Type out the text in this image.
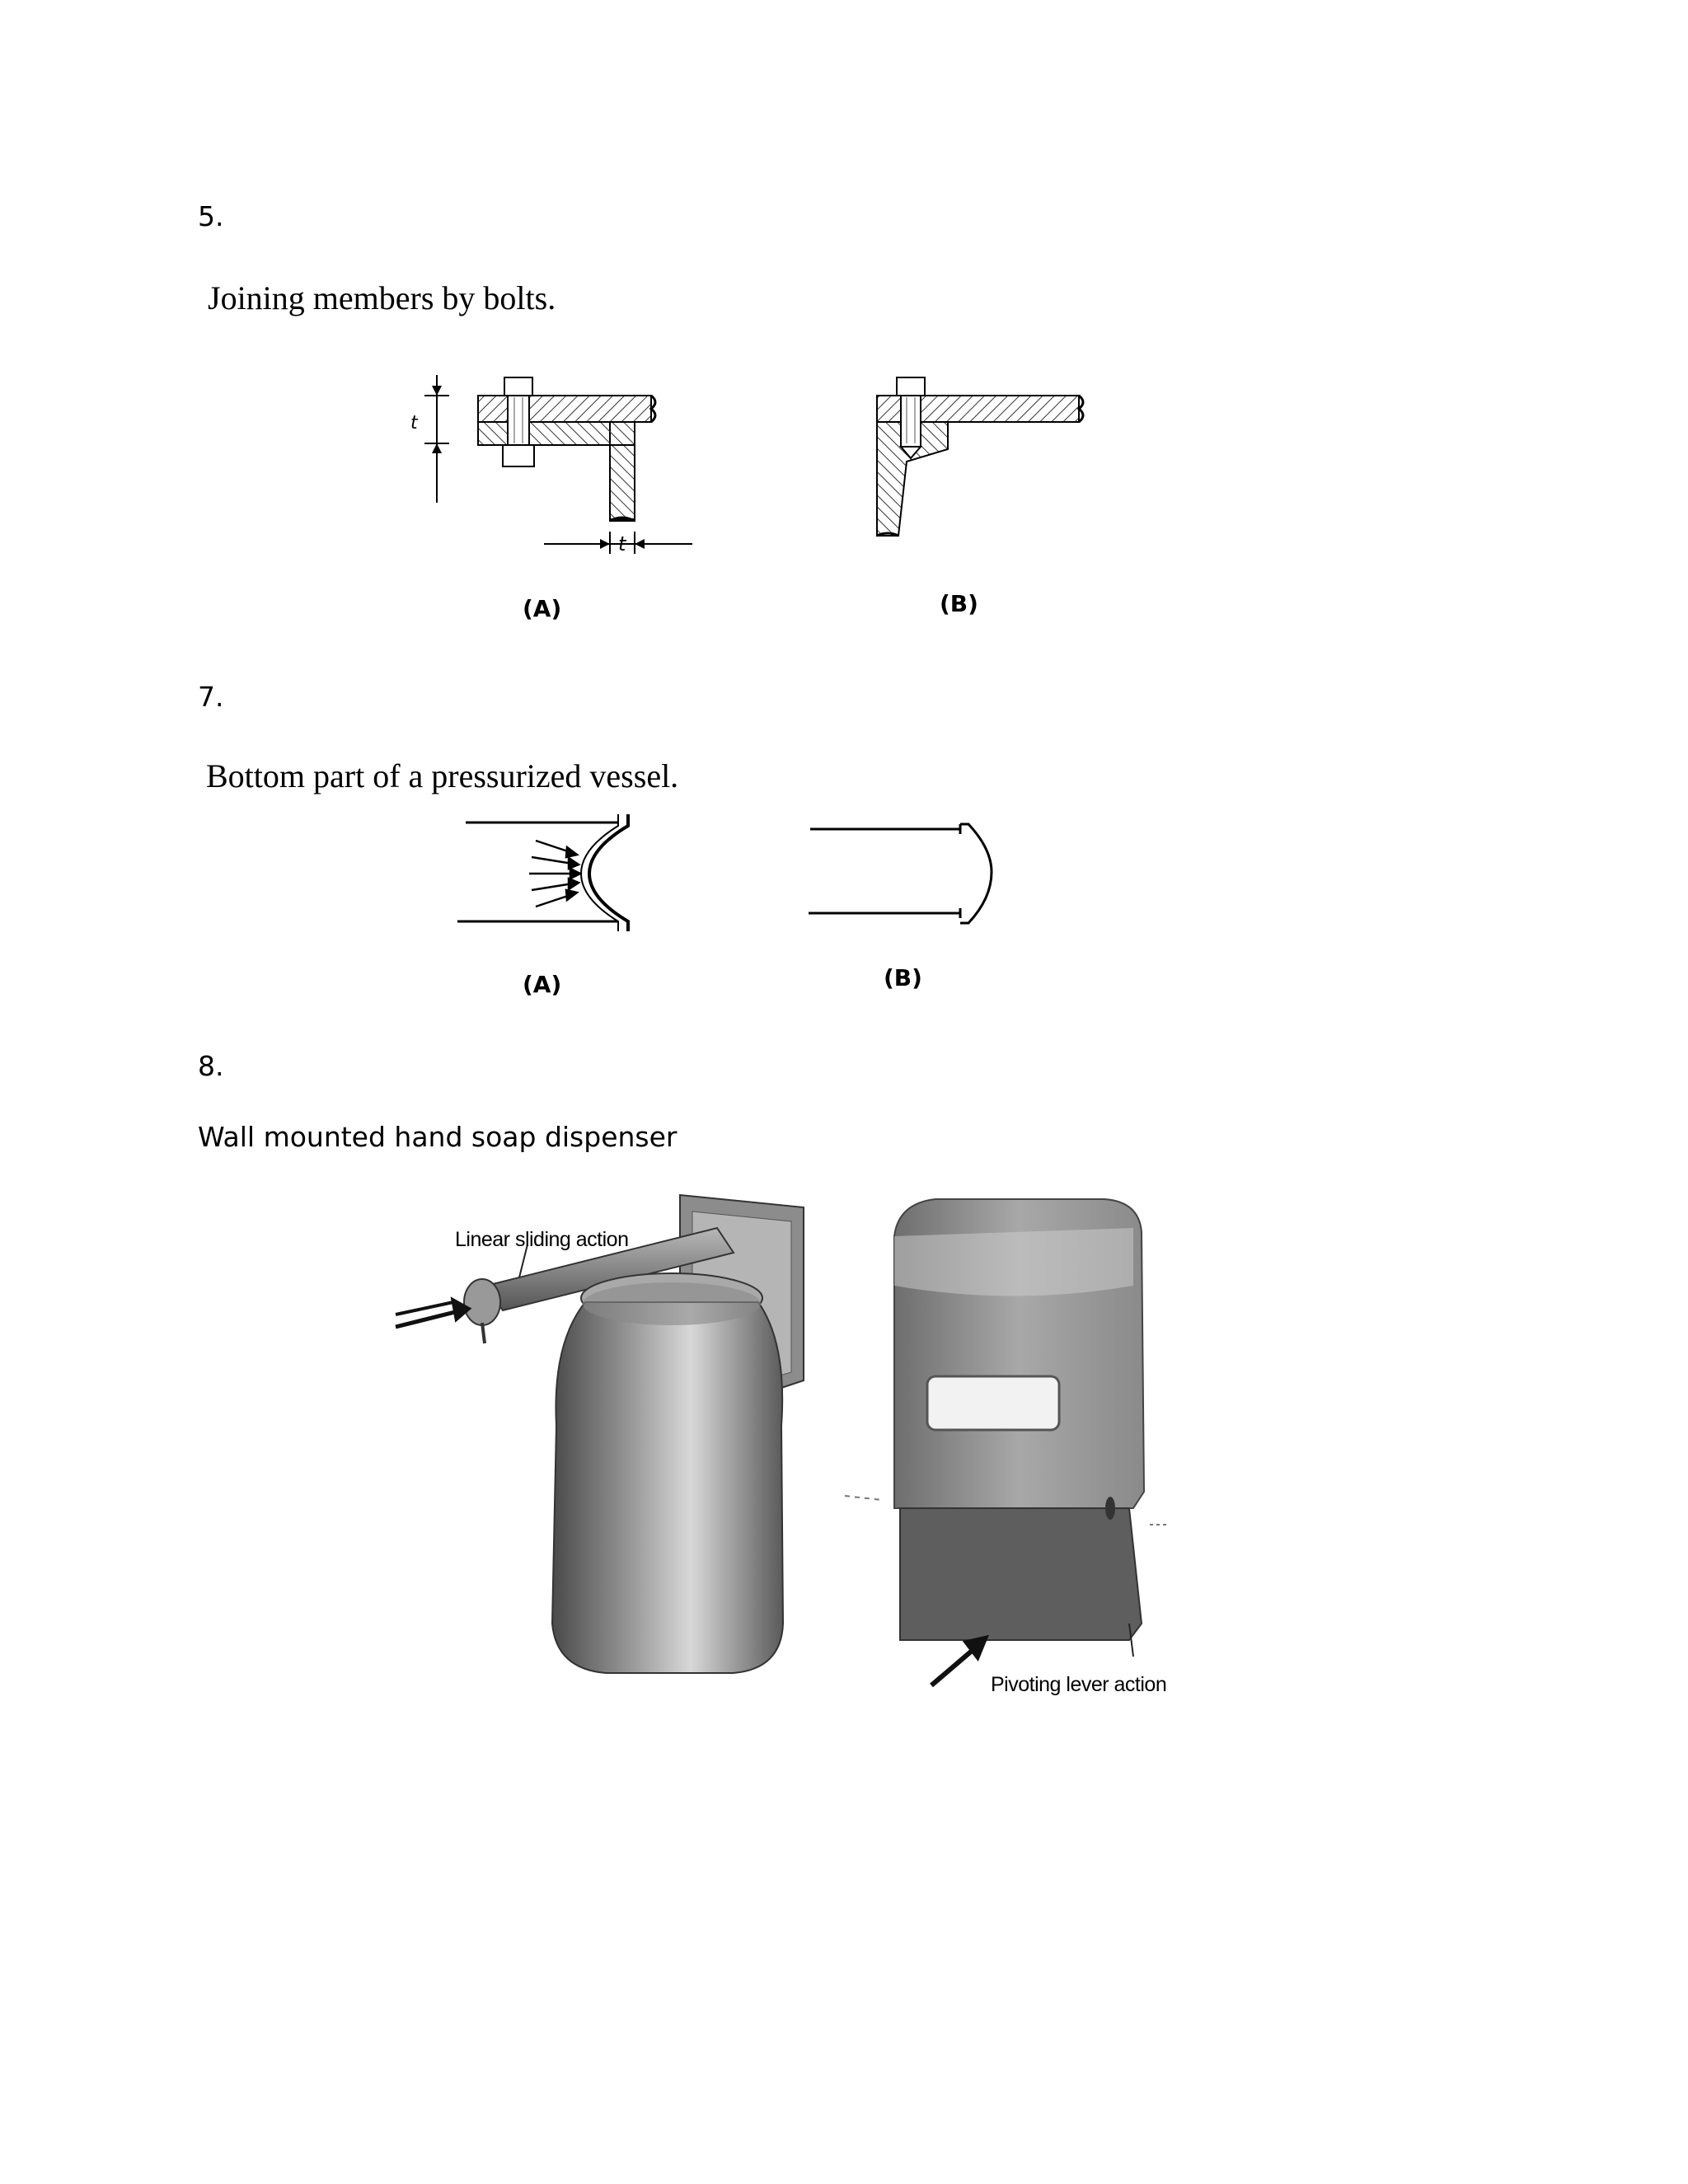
5.
Joining members by bolts.
t
t
(A)	(B)
7.
Bottom part of a pressurized vessel.
(A)	(B)
8.
Wall mounted hand soap dispenser
Linear sliding action
Pivoting lever action
